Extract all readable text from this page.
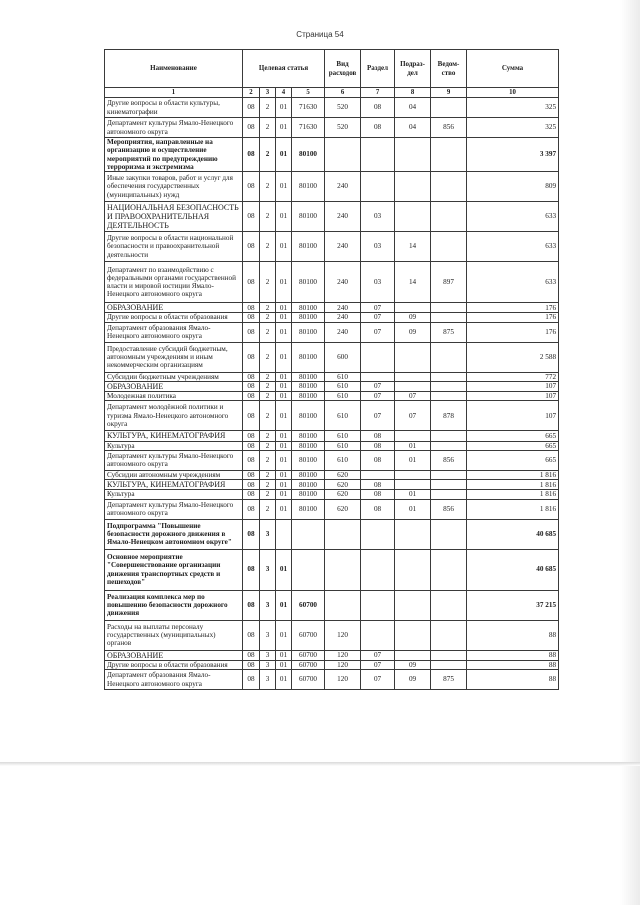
Страница 54
Наименование	Целевая статья				Вид расходов	Раздел	Подраз-дел	Ведом-ство	Сумма
1	2	3	4	5	6	7	8	9	10
Другие вопросы в области культуры, кинематографии	08	2	01	71630	520	08	04		325
Департамент культуры Ямало-Ненецкого автономного округа	08	2	01	71630	520	08	04	856	325
Мероприятия, направленные на организацию и осуществление мероприятий по предупреждению терроризма и экстремизма	08	2	01	80100					3 397
Иные закупки товаров, работ и услуг для обеспечения государственных (муниципальных) нужд	08	2	01	80100	240				809
НАЦИОНАЛЬНАЯ БЕЗОПАСНОСТЬ И ПРАВООХРАНИТЕЛЬНАЯ ДЕЯТЕЛЬНОСТЬ	08	2	01	80100	240	03			633
Другие вопросы в области национальной безопасности и правоохранительной деятельности	08	2	01	80100	240	03	14		633
Департамент по взаимодействию с федеральными органами государственной власти и мировой юстиции Ямало-Ненецкого автономного округа	08	2	01	80100	240	03	14	897	633
ОБРАЗОВАНИЕ	08	2	01	80100	240	07			176
Другие вопросы в области образования	08	2	01	80100	240	07	09		176
Департамент образования Ямало-Ненецкого автономного округа	08	2	01	80100	240	07	09	875	176
Предоставление субсидий бюджетным, автономным учреждениям и иным некоммерческим организациям	08	2	01	80100	600				2 588
Субсидии бюджетным учреждениям	08	2	01	80100	610				772
ОБРАЗОВАНИЕ	08	2	01	80100	610	07			107
Молодежная политика	08	2	01	80100	610	07	07		107
Департамент молодёжной политики и туризма Ямало-Ненецкого автономного округа	08	2	01	80100	610	07	07	878	107
КУЛЬТУРА, КИНЕМАТОГРАФИЯ	08	2	01	80100	610	08			665
Культура	08	2	01	80100	610	08	01		665
Департамент культуры Ямало-Ненецкого автономного округа	08	2	01	80100	610	08	01	856	665
Субсидии автономным учреждениям	08	2	01	80100	620				1 816
КУЛЬТУРА, КИНЕМАТОГРАФИЯ	08	2	01	80100	620	08			1 816
Культура	08	2	01	80100	620	08	01		1 816
Департамент культуры Ямало-Ненецкого автономного округа	08	2	01	80100	620	08	01	856	1 816
Подпрограмма "Повышение безопасности дорожного движения в Ямало-Ненецком автономном округе"	08	3							40 685
Основное мероприятие "Совершенствование организации движения транспортных средств и пешеходов"	08	3	01						40 685
Реализация комплекса мер по повышению безопасности дорожного движения	08	3	01	60700					37 215
Расходы на выплаты персоналу государственных (муниципальных) органов	08	3	01	60700	120				88
ОБРАЗОВАНИЕ	08	3	01	60700	120	07			88
Другие вопросы в области образования	08	3	01	60700	120	07	09		88
Департамент образования Ямало-Ненецкого автономного округа	08	3	01	60700	120	07	09	875	88
